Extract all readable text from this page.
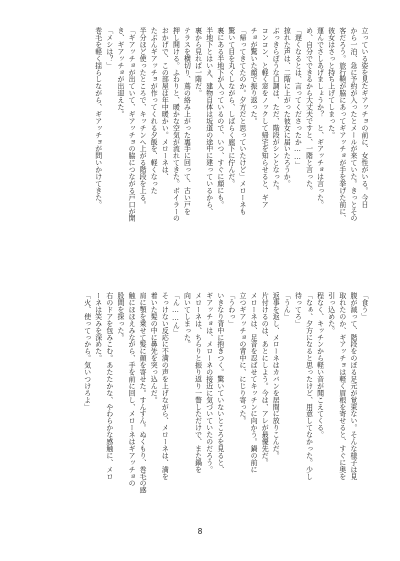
立っている姿を見たギアッチョの前に、女性がいる。今日

から一泊、急に予約が入ったとメールが来ていた。きっとその

客だろう。旅行鞄が脇にあってギアッチョが手を挙げた前に、

彼女はさっと持ち上げてしまった。

運んでさしあげましょうか？　と、ギアッチョは言った。

め、自分でできるから大丈夫ですと、一階と言った。

「遅くなるとは、言ってくださったか……」

掠れた声は、二階に上がった彼女に届いたろうか。

ぶっきらぼうな口調は、ただ、階段がシンとなった。

コンコン、と軽く窓をノックして帰宅を知らせると、ギア

チョが驚いた顔で振り返った。

「帰ってきてたのか。夕方だと思っていたけど」メローネも

驚いて目を丸くしながら、しばらく廊下に佇んだ。

裏にある半地下が入っているので、いつ、すぐに顔にも。

半地下とはいえ、建物自体は坂道の途中に建っているから、

裏から見れば一階だ。

テラスを横切り、蔦の絡み上がった裏手に回って、古い戸を

押し開ける。ふわりと、暖かな空気が流れてきた。ボイラーの

おかげで、この部屋は年中暖かい。メローネは、

たぶんギアッチョが作ってくれる夕飯を、軽くなった

半分ほど使ったところで、キッチンへ上がる階段を上る。

「ギアッチョが出ていて、ギアッチョの脇につながる戸口が開

き、ギアッチョが出迎えた。

「メシは？」

巻毛を軽く揺らしながら、ギアッチョが問いかけてきた。

「食う」

腹が減って、階段をのぼる足元が覚束ない。そんな様子は見

取れたのか、ギアッチョは軽く眉根を寄せると、すぐに奥を

引っ込めた。

程なく、キッチンから軽い音が聞こえてくる。

「なぁ、夕方になると思ったけど、用意してなかった。少し

待ってろ」

「うん」

返事を返し、メローネはカバンを居間に放りこんだ。

片付けるのは、あとにしよう。今は、アレが最優先だ。

メローネは、足音を忍ばせてキッチンに向かう。鍋の前に

立つギアッチョの背中に、にじり寄った。

「うわっ」

いきなり背中に抱きつく。驚いていないところを見ると、

ギアッチョは、メローネの接近に気づいていたのだろう。

メローネは、ちらりと振り返り一瞥しただけで、また鍋を

向いてしまった。

「ん……ん」

そっけない反応に不満の声を上げながら、メローネは、満を

着いた髪の中に鼻先を突っ込んだ。

肩に顎を乗せて髪に顔を寄せた。すんすん。ぬくもり、巻毛の感

触にほほえみながら、手を前に回し、メローネはギアッチョの

股間を探った。

右のドアを包みこむ。あたたかな、やわらかな感触に、メロ

ーネは笑みを深めた。

「火、使ってっから。気いつけろよ」

8
